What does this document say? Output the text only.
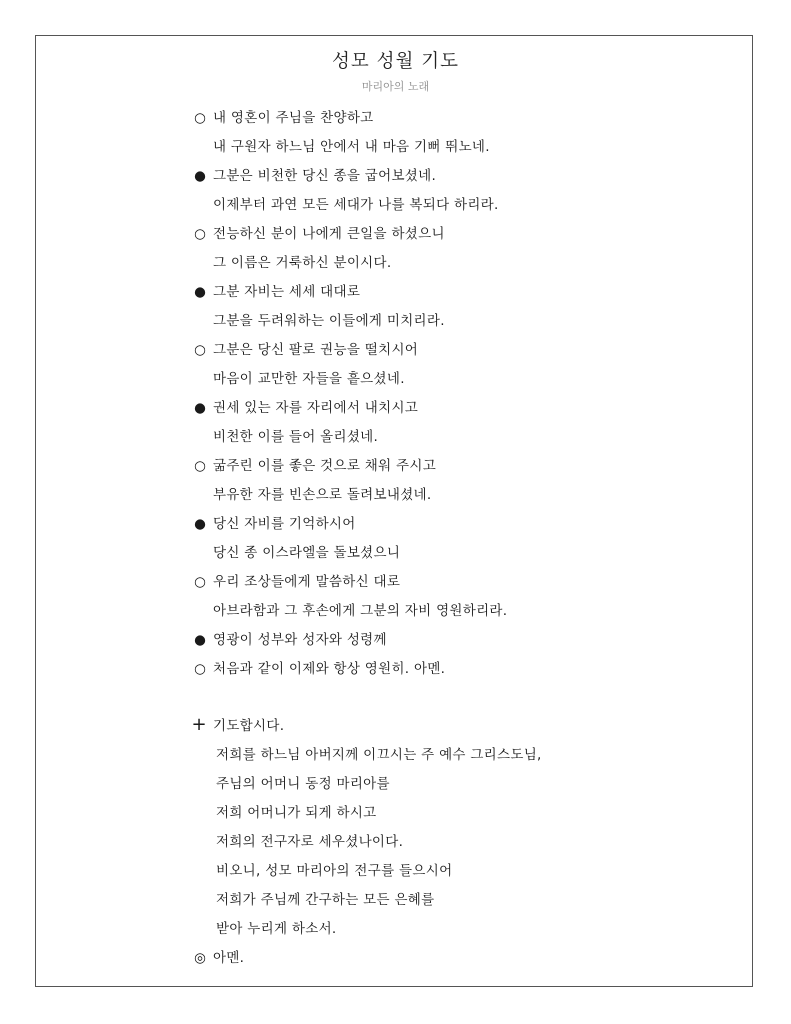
성모 성월 기도
마리아의 노래
○ 내 영혼이 주님을 찬양하고
내 구원자 하느님 안에서 내 마음 기뻐 뛰노네.
● 그분은 비천한 당신 종을 굽어보셨네.
이제부터 과연 모든 세대가 나를 복되다 하리라.
○ 전능하신 분이 나에게 큰일을 하셨으니
그 이름은 거룩하신 분이시다.
● 그분 자비는 세세 대대로
그분을 두려워하는 이들에게 미치리라.
○ 그분은 당신 팔로 권능을 떨치시어
마음이 교만한 자들을 흩으셨네.
● 권세 있는 자를 자리에서 내치시고
비천한 이를 들어 올리셨네.
○ 굶주린 이를 좋은 것으로 채워 주시고
부유한 자를 빈손으로 돌려보내셨네.
● 당신 자비를 기억하시어
당신 종 이스라엘을 돌보셨으니
○ 우리 조상들에게 말씀하신 대로
아브라함과 그 후손에게 그분의 자비 영원하리라.
● 영광이 성부와 성자와 성령께
○ 처음과 같이 이제와 항상 영원히. 아멘.
+ 기도합시다.
저희를 하느님 아버지께 이끄시는 주 예수 그리스도님,
주님의 어머니 동정 마리아를
저희 어머니가 되게 하시고
저희의 전구자로 세우셨나이다.
비오니, 성모 마리아의 전구를 들으시어
저희가 주님께 간구하는 모든 은혜를
받아 누리게 하소서.
◎ 아멘.
